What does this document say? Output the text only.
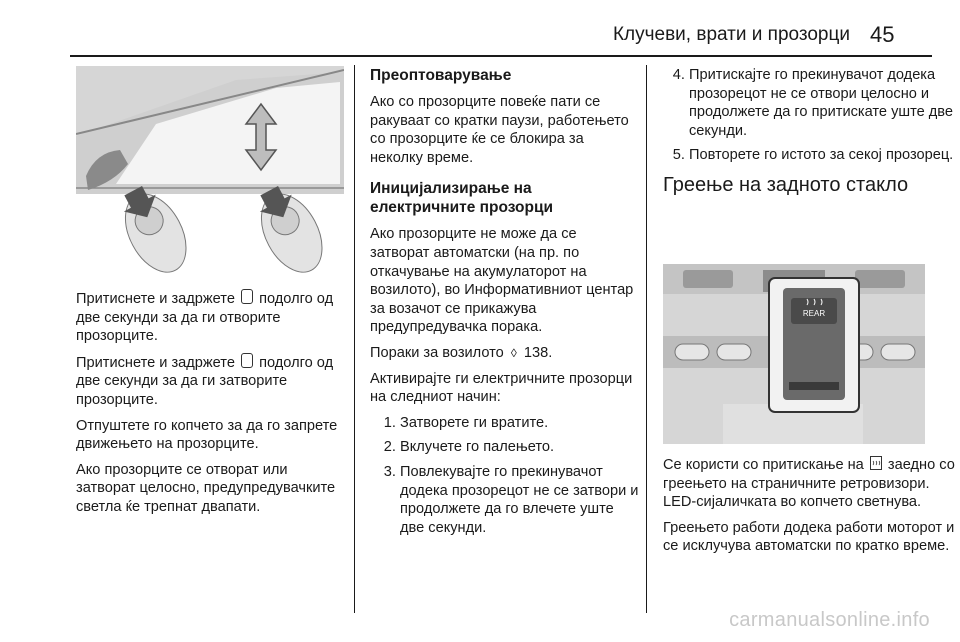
Клучеви, врати и прозорци 45

Притиснете и задржете подолго од две секунди за да ги отворите прозорците.

Притиснете и задржете подолго од две секунди за да ги затворите прозорците.

Отпуштете го копчето за да го запрете движењето на прозорците.

Ако прозорците се отворат или затворат целосно, предупредувачките светла ќе трепнат двапати.

Преоптоварување

Ако со прозорците повеќе пати се ракуваат со кратки паузи, работењето со прозорците ќе се блокира за неколку време.

Иницијализирање на електричните прозорци

Ако прозорците не може да се затворат автоматски (на пр. по откачување на акумулаторот на возилото), во Информативниот центар за возачот се прикажува предупредувачка порака.

Пораки за возилото ◊ 138.

Активирајте ги електричните прозорци на следниот начин:

1. Затворете ги вратите.
2. Вклучете го палењето.
3. Повлекувајте го прекинувачот додека прозорецот не се затвори и продолжете да го влечете уште две секунди.
4. Притискајте го прекинувачот додека прозорецот не се отвори целосно и продолжете да го притискате уште две секунди.
5. Повторете го истото за секој прозорец.
Греење на задното стакло
REAR

Се користи со притискање на заедно со греењето на страничните ретровизори. LED-сијаличката во копчето светнува.

Греењето работи додека работи моторот и се исклучува автоматски по кратко време.

carmanualsonline.info
